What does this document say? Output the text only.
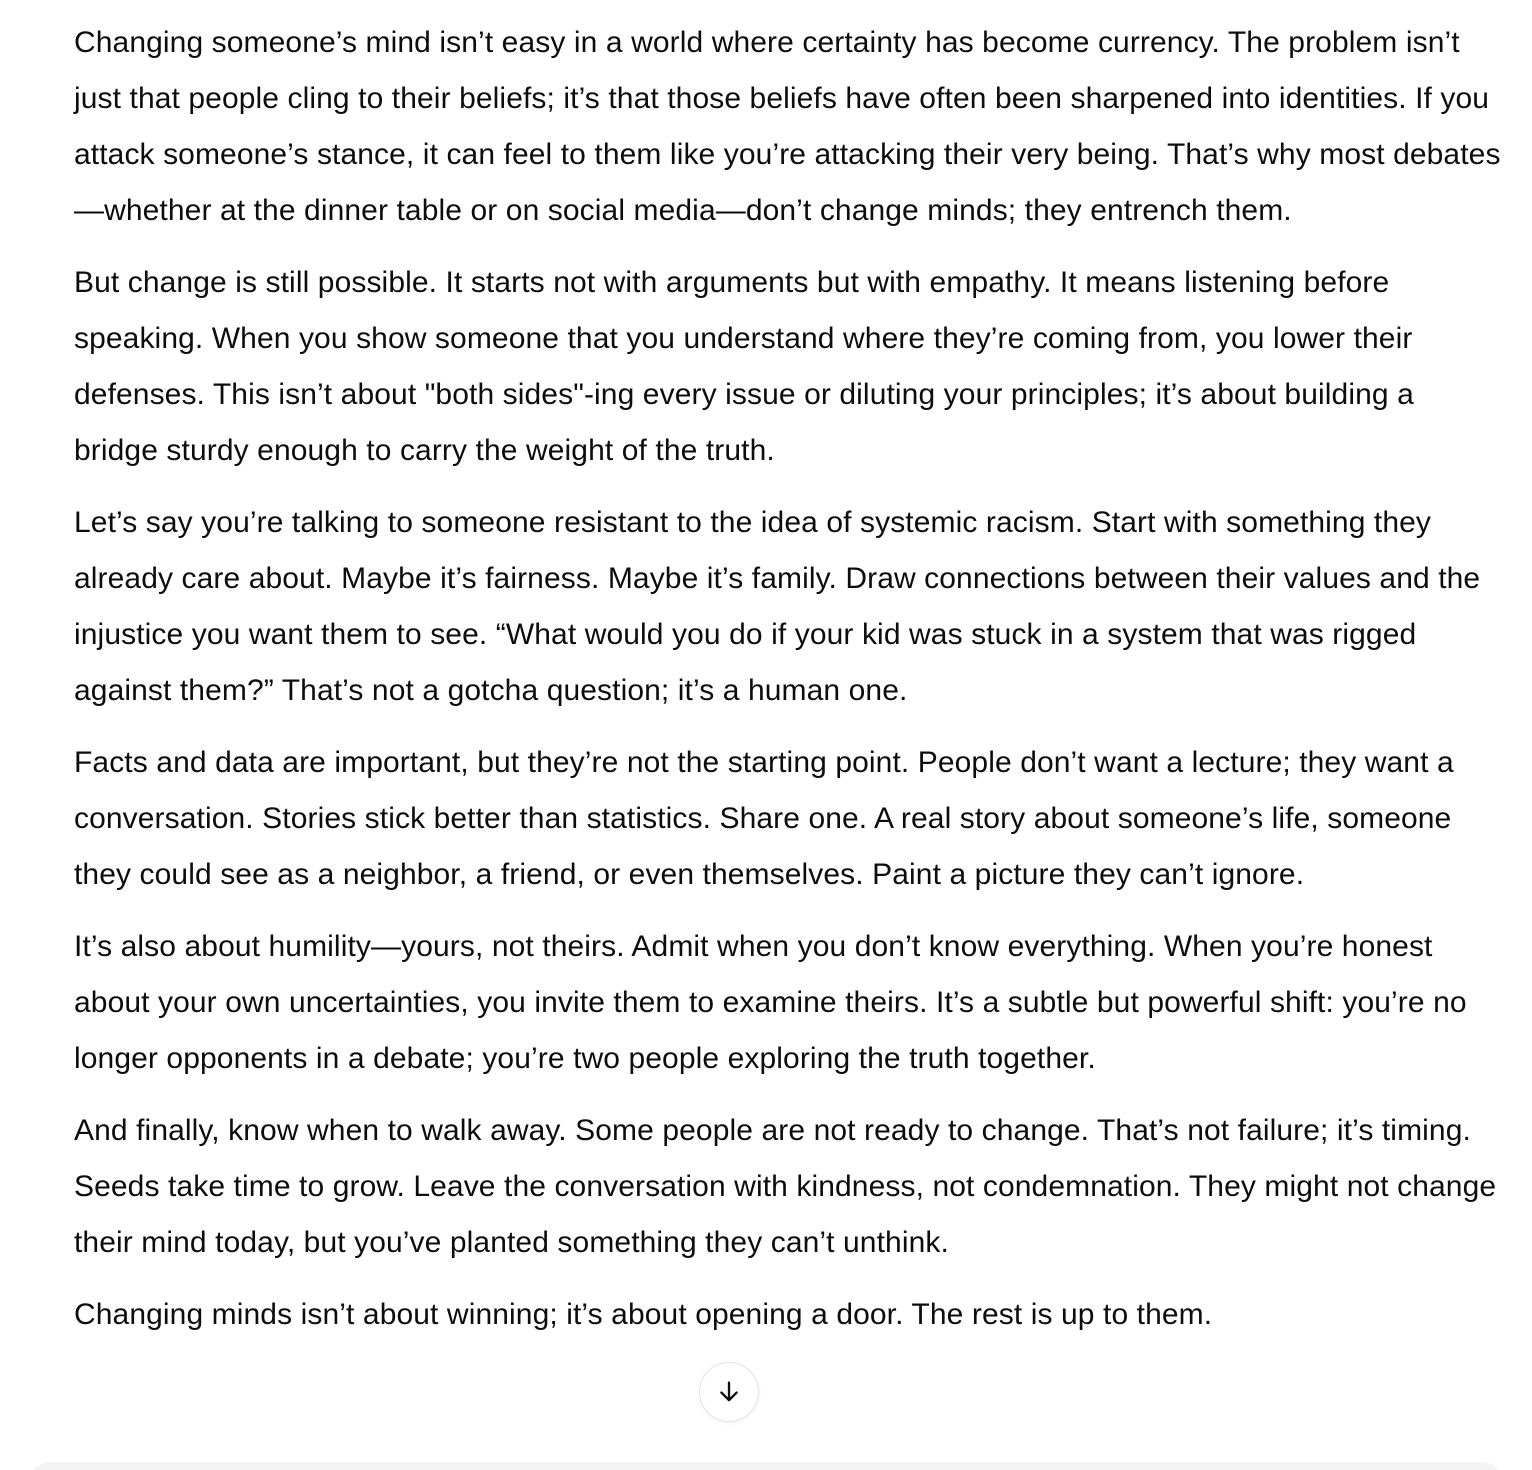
Changing someone’s mind isn’t easy in a world where certainty has become currency. The problem isn’t just that people cling to their beliefs; it’s that those beliefs have often been sharpened into identities. If you attack someone’s stance, it can feel to them like you’re attacking their very being. That’s why most debates—whether at the dinner table or on social media—don’t change minds; they entrench them.

But change is still possible. It starts not with arguments but with empathy. It means listening before speaking. When you show someone that you understand where they’re coming from, you lower their defenses. This isn’t about "both sides"-ing every issue or diluting your principles; it’s about building a bridge sturdy enough to carry the weight of the truth.

Let’s say you’re talking to someone resistant to the idea of systemic racism. Start with something they already care about. Maybe it’s fairness. Maybe it’s family. Draw connections between their values and the injustice you want them to see. “What would you do if your kid was stuck in a system that was rigged against them?” That’s not a gotcha question; it’s a human one.

Facts and data are important, but they’re not the starting point. People don’t want a lecture; they want a conversation. Stories stick better than statistics. Share one. A real story about someone’s life, someone they could see as a neighbor, a friend, or even themselves. Paint a picture they can’t ignore.

It’s also about humility—yours, not theirs. Admit when you don’t know everything. When you’re honest about your own uncertainties, you invite them to examine theirs. It’s a subtle but powerful shift: you’re no longer opponents in a debate; you’re two people exploring the truth together.

And finally, know when to walk away. Some people are not ready to change. That’s not failure; it’s timing. Seeds take time to grow. Leave the conversation with kindness, not condemnation. They might not change their mind today, but you’ve planted something they can’t unthink.

Changing minds isn’t about winning; it’s about opening a door. The rest is up to them.
